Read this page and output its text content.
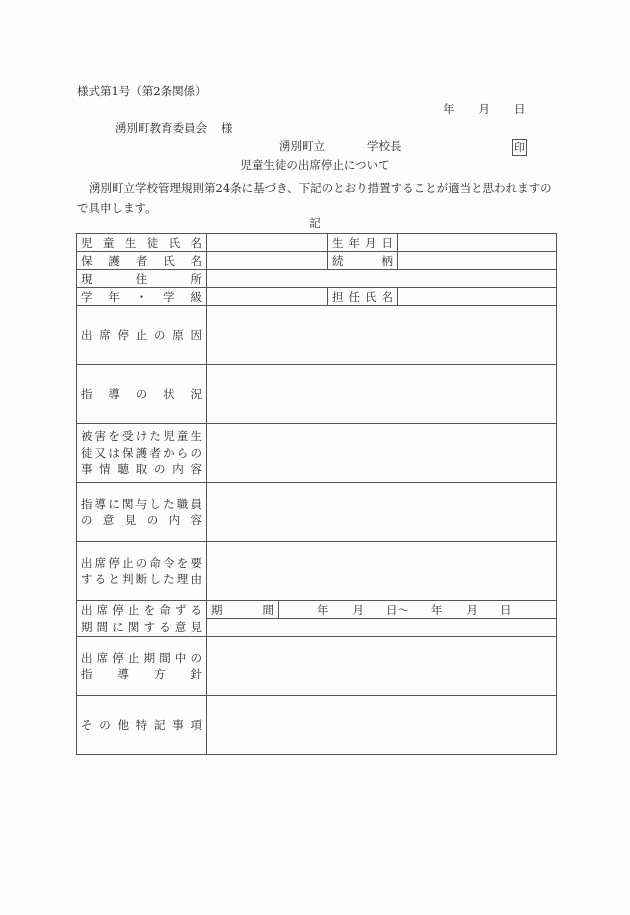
様式第1号（第2条関係）
年 月 日
湧別町教育委員会 様
湧別町立	学校長	印
児童生徒の出席停止について
湧別町立学校管理規則第24条に基づき、下記のとおり措置することが適当と思われますので具申します。
記
児童生徒氏名			生年月日	
保護者氏名			続柄	
現住所				
学年・学級			担任氏名	
出席停止の原因				
指導の状況				

被害を受けた児童生
徒又は保護者からの
事情聴取の内容				

指導に関与した職員
の意見の内容				

出席停止の命令を要
すると判断した理由				

出席停止を命ずる
期間に関する意見	期間	年 月 日〜 年 月 日		

出席停止期間中の
指導方針				

その他特記事項				
